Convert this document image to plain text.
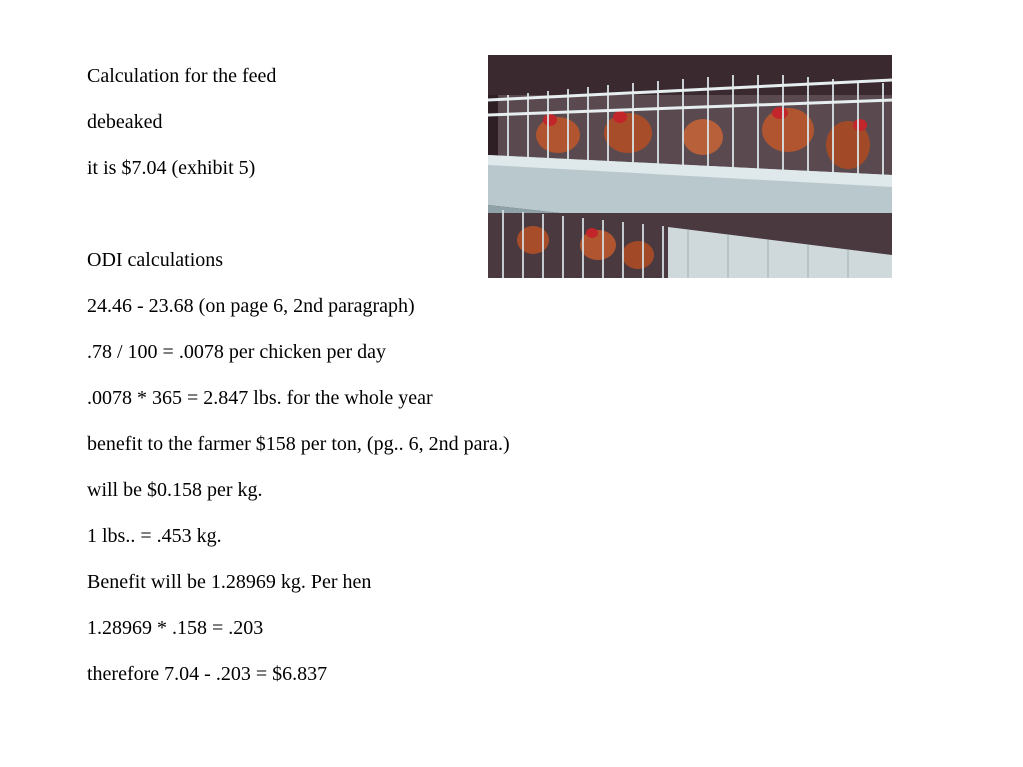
Calculation for the feed
debeaked
it is $7.04 (exhibit 5)
ODI calculations
24.46 - 23.68 (on page 6, 2nd paragraph)
.78 / 100 = .0078 per chicken per day
.0078 * 365 = 2.847 lbs. for the whole year
benefit to the farmer $158 per ton, (pg.. 6, 2nd para.)
will be $0.158 per kg.
1 lbs.. = .453 kg.
Benefit will be 1.28969 kg. Per hen
1.28969 * .158 = .203
therefore 7.04 - .203 = $6.837
